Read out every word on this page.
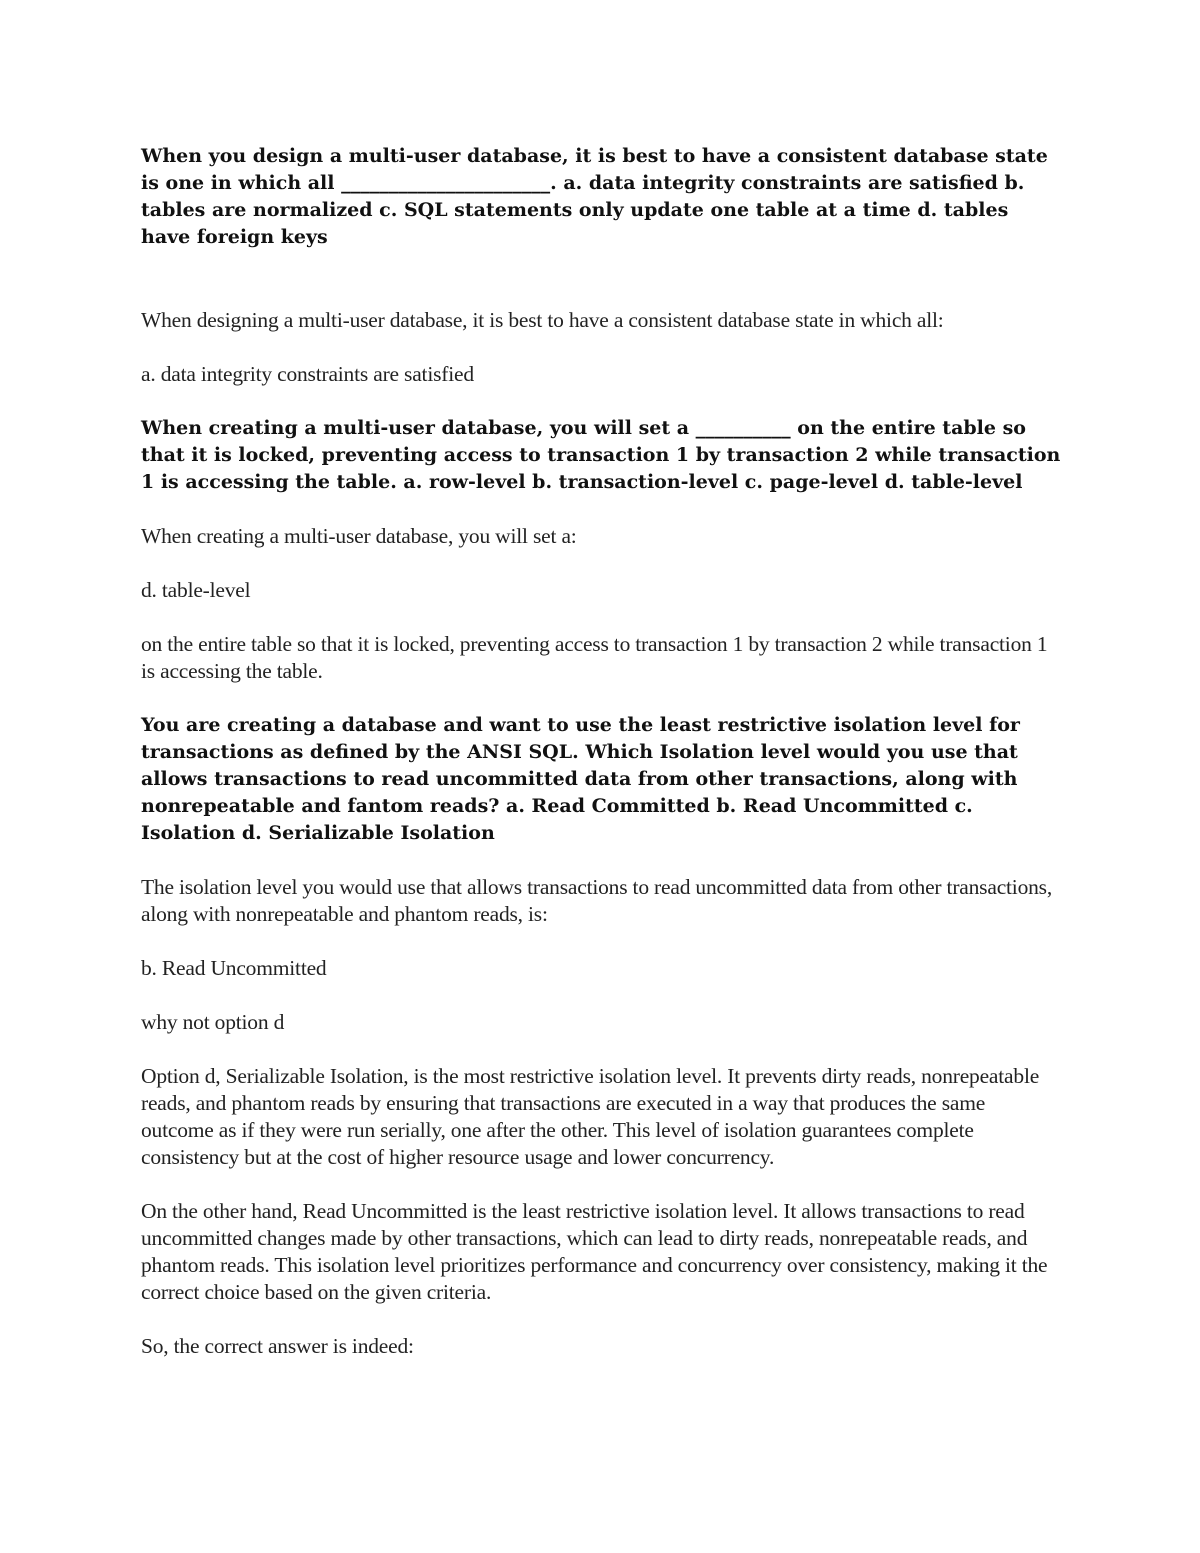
When you design a multi-user database, it is best to have a consistent database state is one in which all ______________________. a. data integrity constraints are satisfied b. tables are normalized c. SQL statements only update one table at a time d. tables have foreign keys

When designing a multi-user database, it is best to have a consistent database state in which all:

a. data integrity constraints are satisfied

When creating a multi-user database, you will set a __________ on the entire table so that it is locked, preventing access to transaction 1 by transaction 2 while transaction 1 is accessing the table. a. row-level b. transaction-level c. page-level d. table-level

When creating a multi-user database, you will set a:

d. table-level

on the entire table so that it is locked, preventing access to transaction 1 by transaction 2 while transaction 1 is accessing the table.

You are creating a database and want to use the least restrictive isolation level for transactions as defined by the ANSI SQL. Which Isolation level would you use that allows transactions to read uncommitted data from other transactions, along with nonrepeatable and fantom reads? a. Read Committed b. Read Uncommitted c. Isolation d. Serializable Isolation

The isolation level you would use that allows transactions to read uncommitted data from other transactions, along with nonrepeatable and phantom reads, is:

b. Read Uncommitted

why not option d

Option d, Serializable Isolation, is the most restrictive isolation level. It prevents dirty reads, nonrepeatable reads, and phantom reads by ensuring that transactions are executed in a way that produces the same outcome as if they were run serially, one after the other. This level of isolation guarantees complete consistency but at the cost of higher resource usage and lower concurrency.

On the other hand, Read Uncommitted is the least restrictive isolation level. It allows transactions to read uncommitted changes made by other transactions, which can lead to dirty reads, nonrepeatable reads, and phantom reads. This isolation level prioritizes performance and concurrency over consistency, making it the correct choice based on the given criteria.

So, the correct answer is indeed:
